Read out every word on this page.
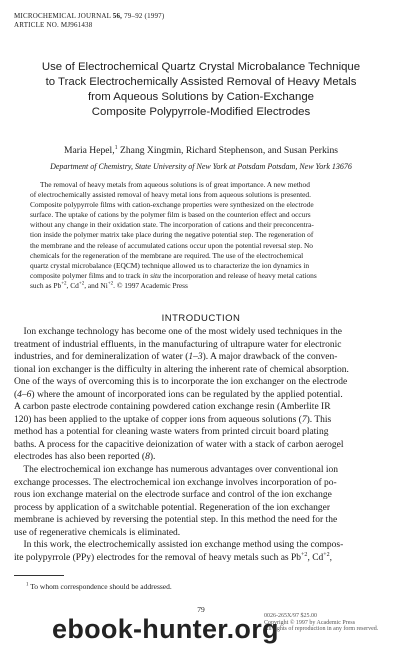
MICROCHEMICAL JOURNAL 56, 79–92 (1997)
ARTICLE NO. MJ961438
Use of Electrochemical Quartz Crystal Microbalance Technique
to Track Electrochemically Assisted Removal of Heavy Metals
from Aqueous Solutions by Cation-Exchange
Composite Polypyrrole-Modified Electrodes
Maria Hepel,$^1$ Zhang Xingmin, Richard Stephenson, and Susan Perkins
Department of Chemistry, State University of New York at Potsdam Potsdam, New York 13676
The removal of heavy metals from aqueous solutions is of great importance. A new method
of electrochemically assisted removal of heavy metal ions from aqueous solutions is presented.
Composite polypyrrole films with cation-exchange properties were synthesized on the electrode
surface. The uptake of cations by the polymer film is based on the counterion effect and occurs
without any change in their oxidation state. The incorporation of cations and their preconcentra-
tion inside the polymer matrix take place during the negative potential step. The regeneration of
the membrane and the release of accumulated cations occur upon the potential reversal step. No
chemicals for the regeneration of the membrane are required. The use of the electrochemical
quartz crystal microbalance (EQCM) technique allowed us to characterize the ion dynamics in
composite polymer films and to track in situ the incorporation and release of heavy metal cations
such as $Pb^{+2}$, $Cd^{+2}$, and $Ni^{+2}$. © 1997 Academic Press
INTRODUCTION
Ion exchange technology has become one of the most widely used techniques in the
treatment of industrial effluents, in the manufacturing of ultrapure water for electronic
industries, and for demineralization of water (1–3). A major drawback of the conven-
tional ion exchanger is the difficulty in altering the inherent rate of chemical absorption.
One of the ways of overcoming this is to incorporate the ion exchanger on the electrode
(4–6) where the amount of incorporated ions can be regulated by the applied potential.
A carbon paste electrode containing powdered cation exchange resin (Amberlite IR
120) has been applied to the uptake of copper ions from aqueous solutions (7). This
method has a potential for cleaning waste waters from printed circuit board plating
baths. A process for the capacitive deionization of water with a stack of carbon aerogel
electrodes has also been reported (8).
The electrochemical ion exchange has numerous advantages over conventional ion
exchange processes. The electrochemical ion exchange involves incorporation of po-
rous ion exchange material on the electrode surface and control of the ion exchange
process by application of a switchable potential. Regeneration of the ion exchanger
membrane is achieved by reversing the potential step. In this method the need for the
use of regenerative chemicals is eliminated.
In this work, the electrochemically assisted ion exchange method using the compos-
ite polypyrrole (PPy) electrodes for the removal of heavy metals such as $Pb^{+2}$, $Cd^{+2}$,
$^1$ To whom correspondence should be addressed.
79
0026-265X/97 $25.00
Copyright © 1997 by Academic Press
All rights of reproduction in any form reserved.
ebook-hunter.org
